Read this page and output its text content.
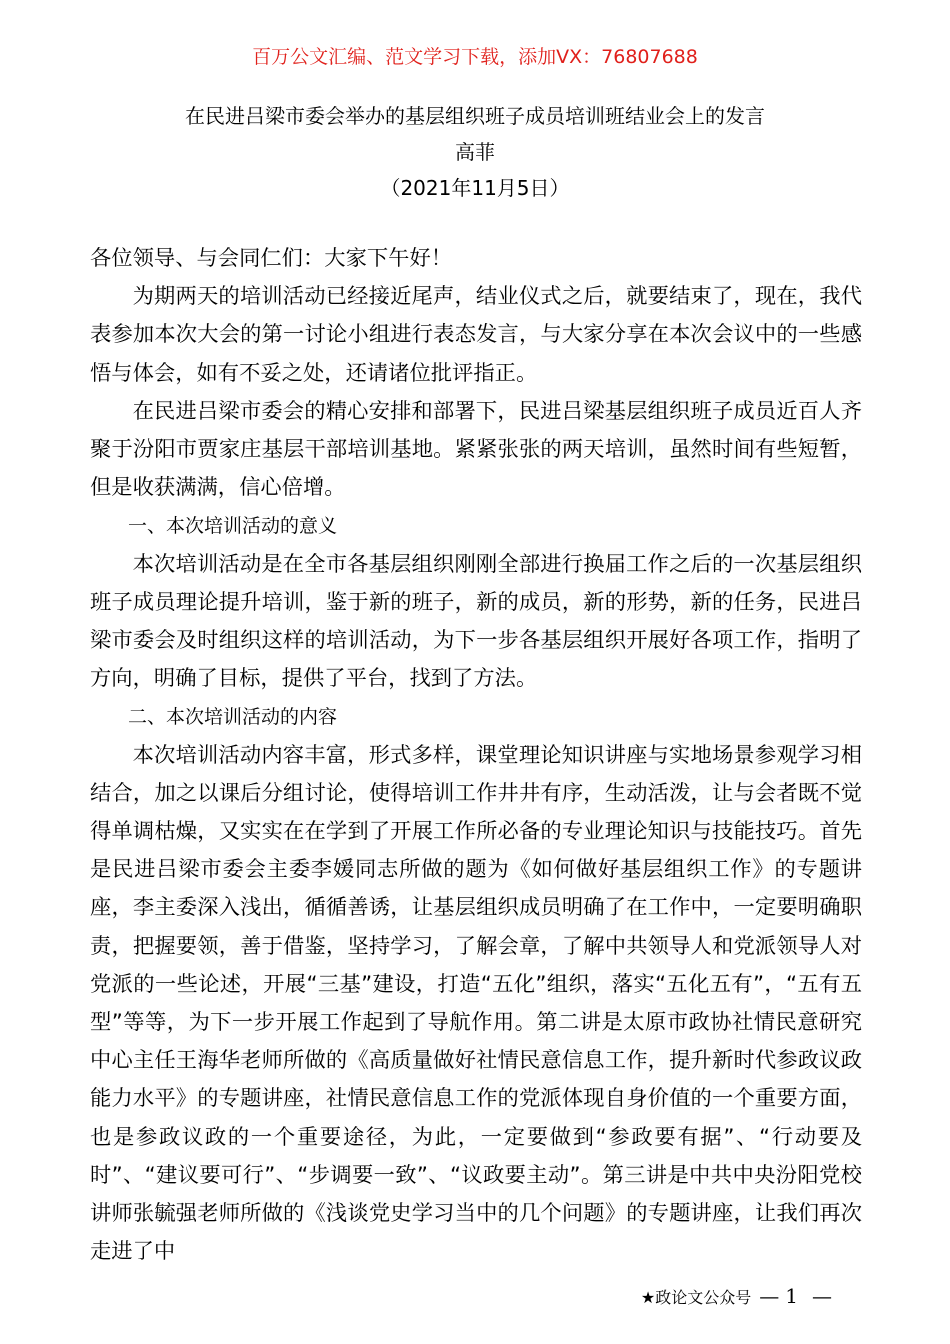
百万公文汇编、范文学习下载，添加VX：76807688
在民进吕梁市委会举办的基层组织班子成员培训班结业会上的发言
高菲
（2021年11月5日）

各位领导、与会同仁们：大家下午好！

为期两天的培训活动已经接近尾声，结业仪式之后，就要结束了，现在，我代表参加本次大会的第一讨论小组进行表态发言，与大家分享在本次会议中的一些感悟与体会，如有不妥之处，还请诸位批评指正。

在民进吕梁市委会的精心安排和部署下，民进吕梁基层组织班子成员近百人齐聚于汾阳市贾家庄基层干部培训基地。紧紧张张的两天培训，虽然时间有些短暂，但是收获满满，信心倍增。

一、本次培训活动的意义

本次培训活动是在全市各基层组织刚刚全部进行换届工作之后的一次基层组织班子成员理论提升培训，鉴于新的班子，新的成员，新的形势，新的任务，民进吕梁市委会及时组织这样的培训活动，为下一步各基层组织开展好各项工作，指明了方向，明确了目标，提供了平台，找到了方法。

二、本次培训活动的内容

本次培训活动内容丰富，形式多样，课堂理论知识讲座与实地场景参观学习相结合，加之以课后分组讨论，使得培训工作井井有序，生动活泼，让与会者既不觉得单调枯燥，又实实在在学到了开展工作所必备的专业理论知识与技能技巧。首先是民进吕梁市委会主委李媛同志所做的题为《如何做好基层组织工作》的专题讲座，李主委深入浅出，循循善诱，让基层组织成员明确了在工作中，一定要明确职责，把握要领，善于借鉴，坚持学习，了解会章，了解中共领导人和党派领导人对党派的一些论述，开展“三基”建设，打造“五化”组织，落实“五化五有”，“五有五型”等等，为下一步开展工作起到了导航作用。第二讲是太原市政协社情民意研究中心主任王海华老师所做的《高质量做好社情民意信息工作，提升新时代参政议政能力水平》的专题讲座，社情民意信息工作的党派体现自身价值的一个重要方面，也是参政议政的一个重要途径，为此，一定要做到“参政要有据”、“行动要及时”、“建议要可行”、“步调要一致”、“议政要主动”。第三讲是中共中央汾阳党校讲师张毓强老师所做的《浅谈党史学习当中的几个问题》的专题讲座，让我们再次走进了中

★政论文公众号 — 1 —
